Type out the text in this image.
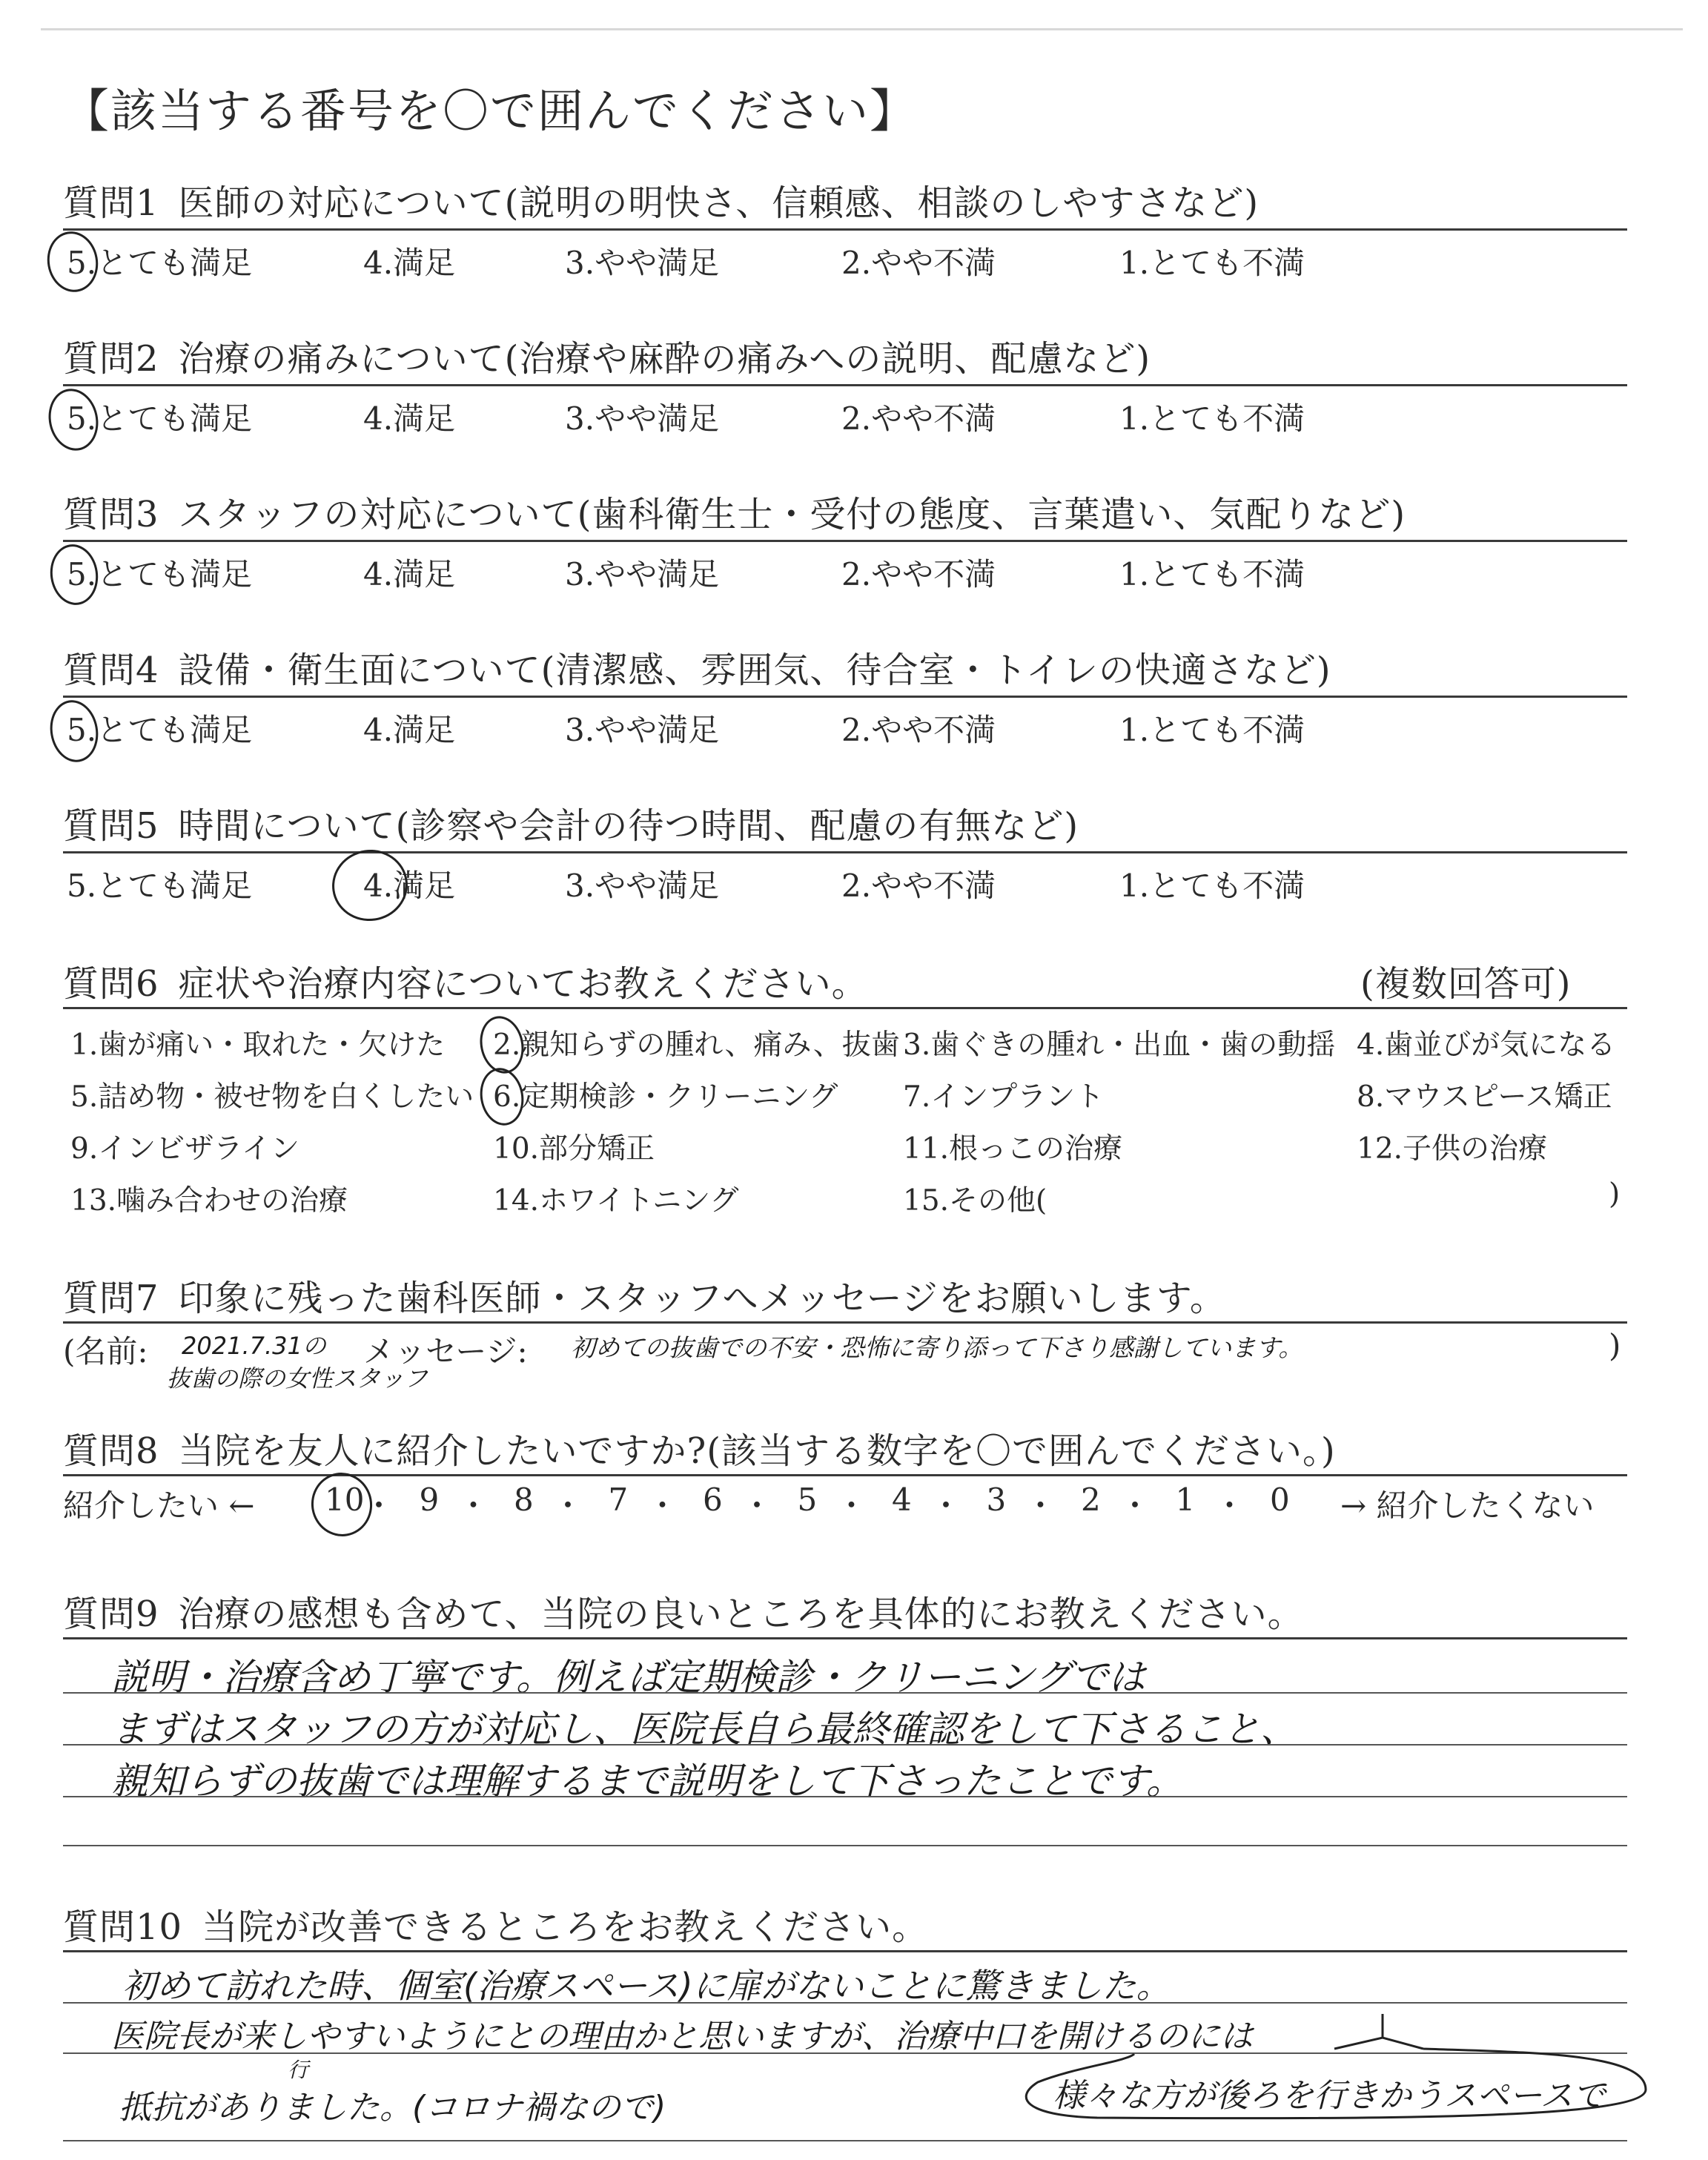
【該当する番号を〇で囲んでください】
質問1 医師の対応について(説明の明快さ、信頼感、相談のしやすさなど)
5.とても満足	4.満足	3.やや満足	2.やや不満	1.とても不満
質問2 治療の痛みについて(治療や麻酔の痛みへの説明、配慮など)
5.とても満足	4.満足	3.やや満足	2.やや不満	1.とても不満
質問3 スタッフの対応について(歯科衛生士・受付の態度、言葉遣い、気配りなど)
5.とても満足	4.満足	3.やや満足	2.やや不満	1.とても不満
質問4 設備・衛生面について(清潔感、雰囲気、待合室・トイレの快適さなど)
5.とても満足	4.満足	3.やや満足	2.やや不満	1.とても不満
質問5 時間について(診察や会計の待つ時間、配慮の有無など)
5.とても満足	4.満足	3.やや満足	2.やや不満	1.とても不満
質問6 症状や治療内容についてお教えください。	(複数回答可)
1.歯が痛い・取れた・欠けた 2.親知らずの腫れ、痛み、抜歯 3.歯ぐきの腫れ・出血・歯の動揺 4.歯並びが気になる
5.詰め物・被せ物を白くしたい 6.定期検診・クリーニング 7.インプラント	8.マウスピース矯正
9.インビザライン	10.部分矯正	11.根っこの治療	12.子供の治療
13.噛み合わせの治療	14.ホワイトニング	15.その他(	)
質問7 印象に残った歯科医師・スタッフへメッセージをお願いします。
(名前: 2021.7.31の
抜歯の際の女性スタッフ
メッセージ: 初めての抜歯での不安・恐怖に寄り添って下さり感謝しています。	)
質問8 当院を友人に紹介したいですか?(該当する数字を〇で囲んでください。)
紹介したい ← 10
・ 9 ・ 8 ・ 7 ・ 6 ・ 5 ・ 4 ・ 3 ・ 2 ・ 1 ・ 0 → 紹介したくない
質問9 治療の感想も含めて、当院の良いところを具体的にお教えください。
説明・治療含め丁寧です。例えば定期検診・クリーニングでは
まずはスタッフの方が対応し、医院長自ら最終確認をして下さること、
親知らずの抜歯では理解するまで説明をして下さったことです。
質問10 当院が改善できるところをお教えください。
初めて訪れた時、個室(治療スペース)に扉がないことに驚きました。
医院長が来しやすいようにとの理由かと思いますが、治療中口を開けるのには
抵抗がありました。(コロナ禍なので)
行
様々な方が後ろを行きかうスペースで
